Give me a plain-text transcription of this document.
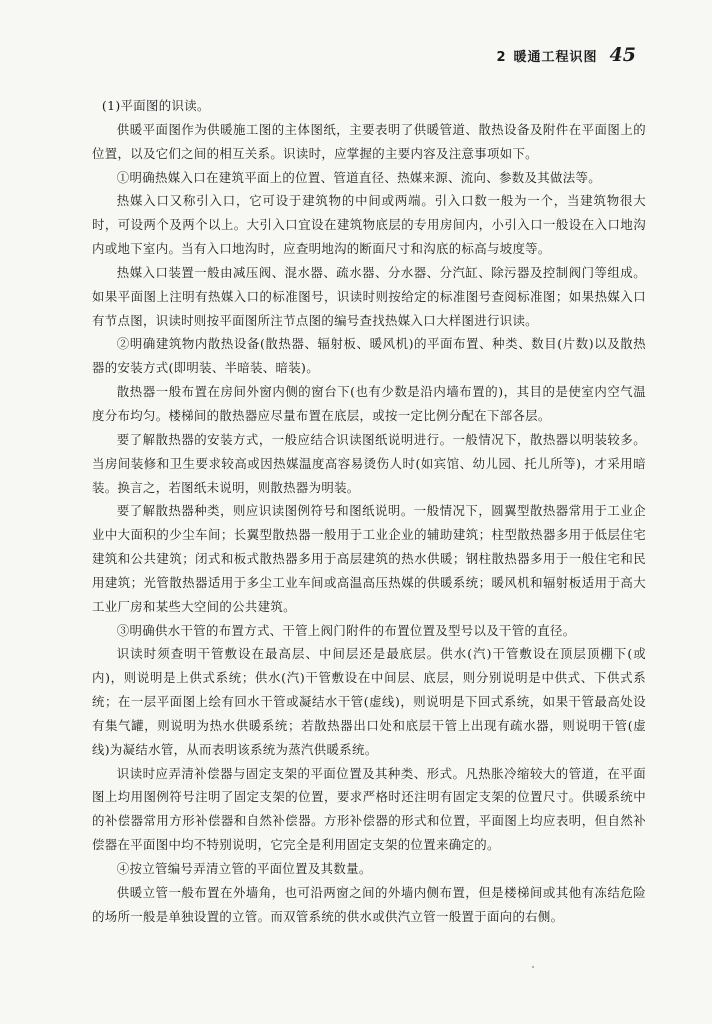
2 暖通工程识图 45

(1)平面图的识读。

供暖平面图作为供暖施工图的主体图纸，主要表明了供暖管道、散热设备及附件在平面图上的位置，以及它们之间的相互关系。识读时，应掌握的主要内容及注意事项如下。

①明确热媒入口在建筑平面上的位置、管道直径、热媒来源、流向、参数及其做法等。

热媒入口又称引入口，它可设于建筑物的中间或两端。引入口数一般为一个，当建筑物很大时，可设两个及两个以上。大引入口宜设在建筑物底层的专用房间内，小引入口一般设在入口地沟内或地下室内。当有入口地沟时，应查明地沟的断面尺寸和沟底的标高与坡度等。

热媒入口装置一般由减压阀、混水器、疏水器、分水器、分汽缸、除污器及控制阀门等组成。如果平面图上注明有热媒入口的标准图号，识读时则按给定的标准图号查阅标准图；如果热媒入口有节点图，识读时则按平面图所注节点图的编号查找热媒入口大样图进行识读。

②明确建筑物内散热设备(散热器、辐射板、暖风机)的平面布置、种类、数目(片数)以及散热器的安装方式(即明装、半暗装、暗装)。

散热器一般布置在房间外窗内侧的窗台下(也有少数是沿内墙布置的)，其目的是使室内空气温度分布均匀。楼梯间的散热器应尽量布置在底层，或按一定比例分配在下部各层。

要了解散热器的安装方式，一般应结合识读图纸说明进行。一般情况下，散热器以明装较多。当房间装修和卫生要求较高或因热媒温度高容易烫伤人时(如宾馆、幼儿园、托儿所等)，才采用暗装。换言之，若图纸未说明，则散热器为明装。

要了解散热器种类，则应识读图例符号和图纸说明。一般情况下，圆翼型散热器常用于工业企业中大面积的少尘车间；长翼型散热器一般用于工业企业的辅助建筑；柱型散热器多用于低层住宅建筑和公共建筑；闭式和板式散热器多用于高层建筑的热水供暖；钢柱散热器多用于一般住宅和民用建筑；光管散热器适用于多尘工业车间或高温高压热媒的供暖系统；暖风机和辐射板适用于高大工业厂房和某些大空间的公共建筑。

③明确供水干管的布置方式、干管上阀门附件的布置位置及型号以及干管的直径。

识读时须查明干管敷设在最高层、中间层还是最底层。供水(汽)干管敷设在顶层顶棚下(或内)，则说明是上供式系统；供水(汽)干管敷设在中间层、底层，则分别说明是中供式、下供式系统；在一层平面图上绘有回水干管或凝结水干管(虚线)，则说明是下回式系统，如果干管最高处设有集气罐，则说明为热水供暖系统；若散热器出口处和底层干管上出现有疏水器，则说明干管(虚线)为凝结水管，从而表明该系统为蒸汽供暖系统。

识读时应弄清补偿器与固定支架的平面位置及其种类、形式。凡热胀冷缩较大的管道，在平面图上均用图例符号注明了固定支架的位置，要求严格时还注明有固定支架的位置尺寸。供暖系统中的补偿器常用方形补偿器和自然补偿器。方形补偿器的形式和位置，平面图上均应表明，但自然补偿器在平面图中均不特别说明，它完全是利用固定支架的位置来确定的。

④按立管编号弄清立管的平面位置及其数量。

供暖立管一般布置在外墙角，也可沿两窗之间的外墙内侧布置，但是楼梯间或其他有冻结危险的场所一般是单独设置的立管。而双管系统的供水或供汽立管一般置于面向的右侧。
